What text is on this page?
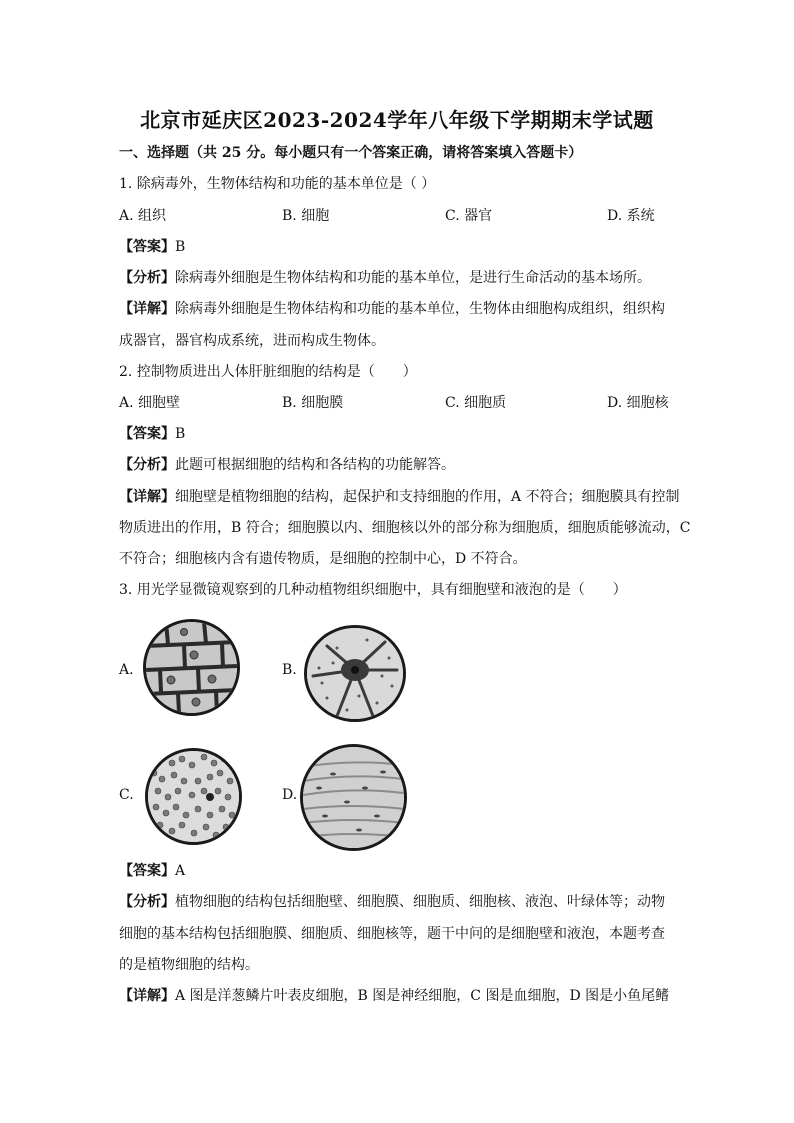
北京市延庆区2023-2024学年八年级下学期期末学试题
一、选择题（共 25 分。每小题只有一个答案正确，请将答案填入答题卡）
1. 除病毒外，生物体结构和功能的基本单位是（ ）
A. 组织	B. 细胞	C. 器官	D. 系统
【答案】B
【分析】除病毒外细胞是生物体结构和功能的基本单位，是进行生命活动的基本场所。
【详解】除病毒外细胞是生物体结构和功能的基本单位，生物体由细胞构成组织，组织构
成器官，器官构成系统，进而构成生物体。
2. 控制物质进出人体肝脏细胞的结构是（　　）
A. 细胞壁	B. 细胞膜	C. 细胞质	D. 细胞核
【答案】B
【分析】此题可根据细胞的结构和各结构的功能解答。
【详解】细胞壁是植物细胞的结构，起保护和支持细胞的作用，A 不符合；细胞膜具有控制
物质进出的作用，B 符合；细胞膜以内、细胞核以外的部分称为细胞质，细胞质能够流动，C
不符合；细胞核内含有遗传物质，是细胞的控制中心，D 不符合。
3. 用光学显微镜观察到的几种动植物组织细胞中，具有细胞壁和液泡的是（　　）
A.	B.
C.	D.
【答案】A
【分析】植物细胞的结构包括细胞壁、细胞膜、细胞质、细胞核、液泡、叶绿体等；动物
细胞的基本结构包括细胞膜、细胞质、细胞核等，题干中问的是细胞壁和液泡，本题考查
的是植物细胞的结构。
【详解】A 图是洋葱鳞片叶表皮细胞，B 图是神经细胞，C 图是血细胞，D 图是小鱼尾鳍
